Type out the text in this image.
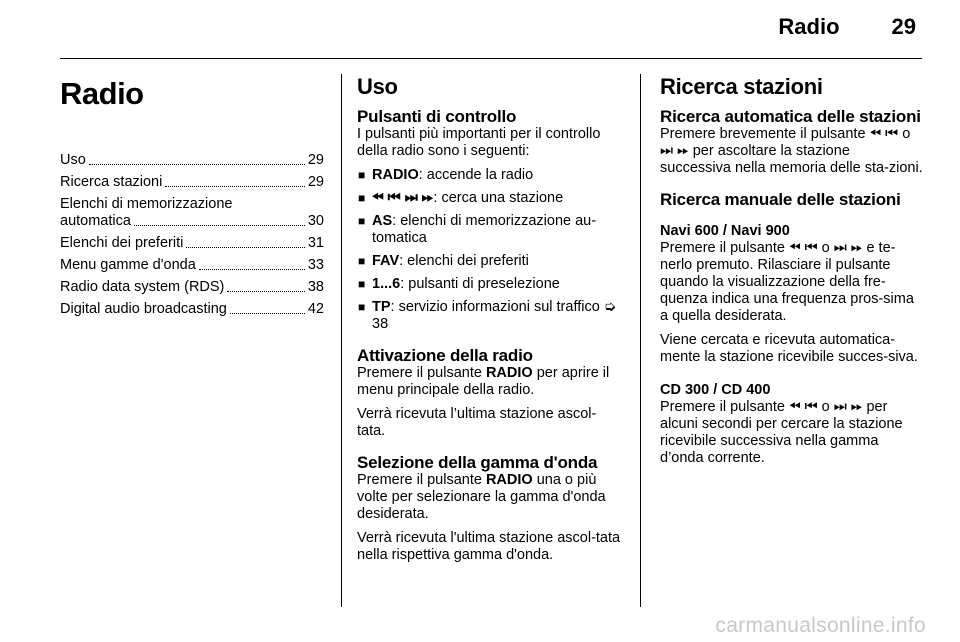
Radio 29
Radio
Uso	29
Ricerca stazioni	29
Elenchi di memorizzazione
automatica	30
Elenchi dei preferiti	31
Menu gamme d'onda	33
Radio data system (RDS)	38
Digital audio broadcasting	42
Uso
Pulsanti di controllo

I pulsanti più importanti per il controllo della radio sono i seguenti:

■ RADIO: accende la radio
■ ⏪︎ ⏮︎ ⏭︎ ⏩︎: cerca una stazione
■ AS: elenchi di memorizzazione au-tomatica
■ FAV: elenchi dei preferiti
■ 1...6: pulsanti di preselezione
■ TP: servizio informazioni sul traffico ➭ 38
Attivazione della radio

Premere il pulsante RADIO per aprire il menu principale della radio.

Verrà ricevuta l’ultima stazione ascol-tata.

Selezione della gamma d'onda

Premere il pulsante RADIO una o più volte per selezionare la gamma d'onda desiderata.

Verrà ricevuta l'ultima stazione ascol-tata nella rispettiva gamma d'onda.

Ricerca stazioni
Ricerca automatica delle stazioni

Premere brevemente il pulsante ⏪︎ ⏮︎ o ⏭︎ ⏩︎ per ascoltare la stazione successiva nella memoria delle sta-zioni.

Ricerca manuale delle stazioni
Navi 600 / Navi 900

Premere il pulsante ⏪︎ ⏮︎ o ⏭︎ ⏩︎ e te-nerlo premuto. Rilasciare il pulsante quando la visualizzazione della fre-quenza indica una frequenza pros-sima a quella desiderata.

Viene cercata e ricevuta automatica-mente la stazione ricevibile succes-siva.

CD 300 / CD 400

Premere il pulsante ⏪︎ ⏮︎ o ⏭︎ ⏩︎ per alcuni secondi per cercare la stazione ricevibile successiva nella gamma d’onda corrente.

carmanualsonline.info
